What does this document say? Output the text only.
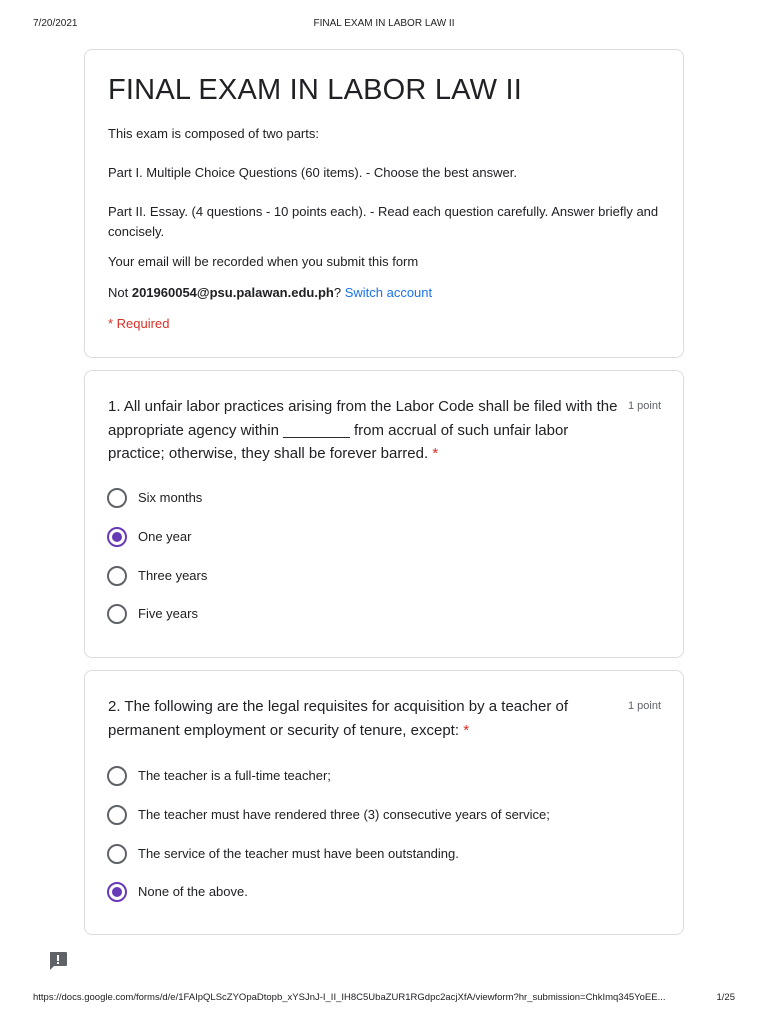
7/20/2021	FINAL EXAM IN LABOR LAW II
FINAL EXAM IN LABOR LAW II
This exam is composed of two parts:
Part I. Multiple Choice Questions (60 items). - Choose the best answer.
Part II. Essay. (4 questions - 10 points each). - Read each question carefully. Answer briefly and concisely.
Your email will be recorded when you submit this form
Not 201960054@psu.palawan.edu.ph? Switch account
* Required
1. All unfair labor practices arising from the Labor Code shall be filed with the appropriate agency within ________ from accrual of such unfair labor practice; otherwise, they shall be forever barred. *
1 point
Six months
One year
Three years
Five years
2. The following are the legal requisites for acquisition by a teacher of permanent employment or security of tenure, except: *
1 point
The teacher is a full-time teacher;
The teacher must have rendered three (3) consecutive years of service;
The service of the teacher must have been outstanding.
None of the above.
https://docs.google.com/forms/d/e/1FAIpQLScZYOpaDtopb_xYSJnJ-I_II_IH8C5UbaZUR1RGdpc2acjXfA/viewform?hr_submission=ChkImq345YoEE...	1/25
